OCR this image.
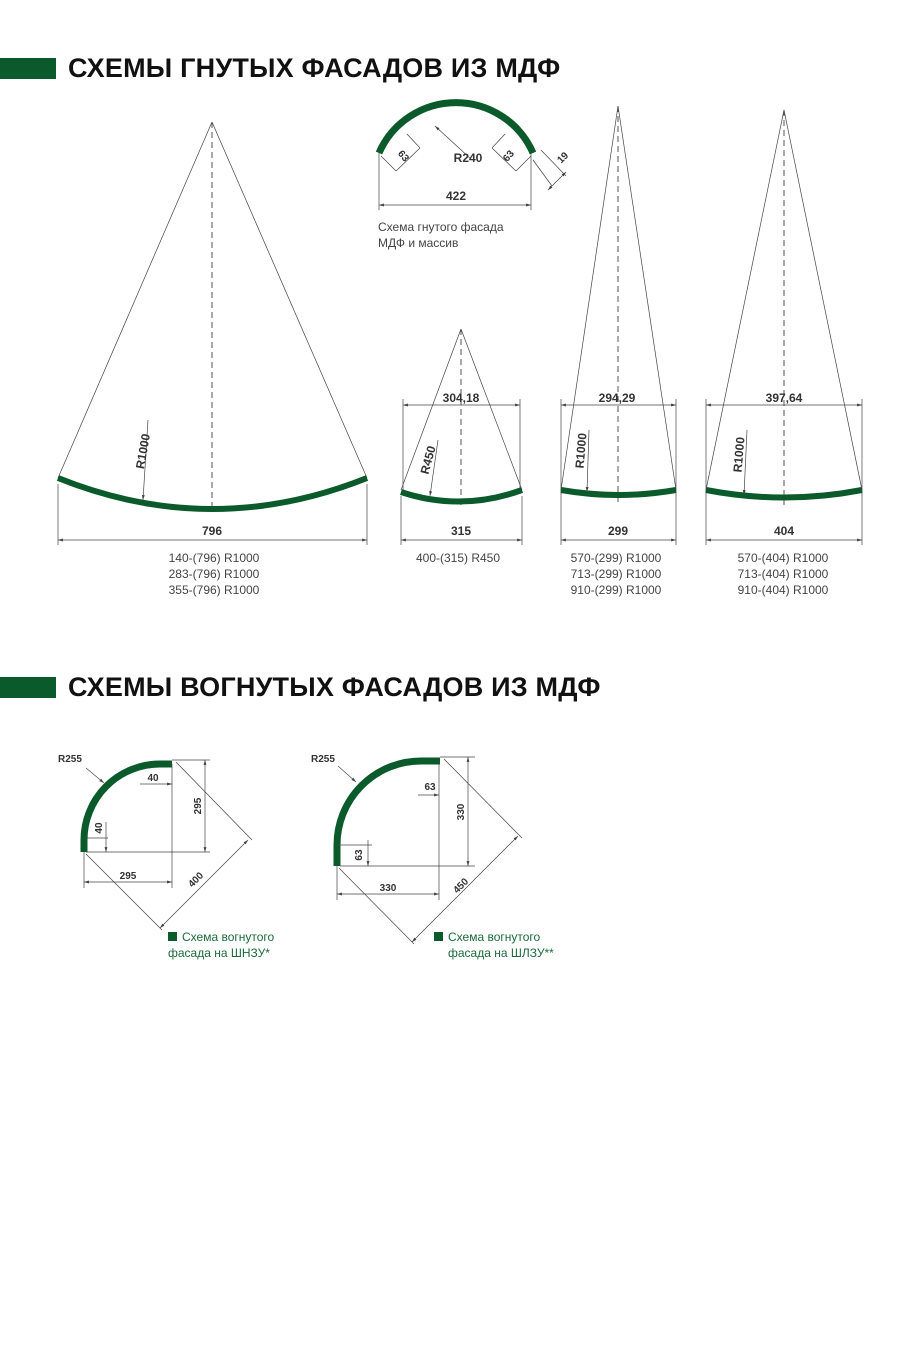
СХЕМЫ ГНУТЫХ ФАСАДОВ ИЗ МДФ
СХЕМЫ ВОГНУТЫХ ФАСАДОВ ИЗ МДФ
422
R240
63	63	19
Схема гнутого фасада
МДФ и массив
R1000
796
140-(796) R1000
283-(796) R1000
355-(796) R1000
304,18
R450
315
400-(315) R450
294,29
R1000
299
570-(299) R1000
713-(299) R1000
910-(299) R1000
397,64
R1000
404
570-(404) R1000
713-(404) R1000
910-(404) R1000
R255
295
40
40
295	400
Схема вогнутого
фасада на ШНЗУ*
R255
330
63
63
330	450
Схема вогнутого
фасада на ШЛЗУ**
